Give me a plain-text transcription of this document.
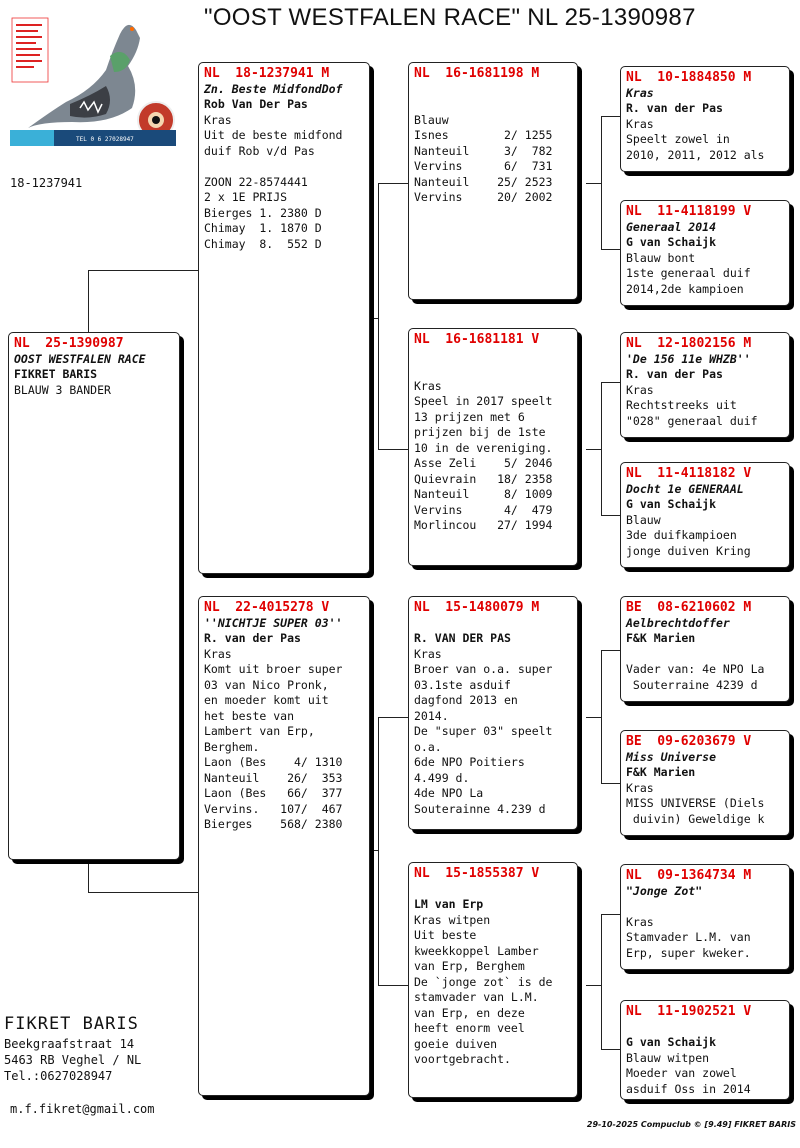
"OOST WESTFALEN RACE" NL 25-1390987
TEL 0 6 27028947
18-1237941
NL  25-1390987
OOST WESTFALEN RACE
FIKRET BARIS
BLAUW 3 BANDER
NL  18-1237941 M
Zn. Beste MidfondDof
Rob Van Der Pas
Kras
Uit de beste midfond
duif Rob v/d Pas
ZOON 22-8574441
2 x 1E PRIJS
Bierges 1. 2380 D
Chimay  1. 1870 D
Chimay  8.  552 D
NL  22-4015278 V
''NICHTJE SUPER 03''
R. van der Pas
Kras
Komt uit broer super
03 van Nico Pronk,
en moeder komt uit
het beste van
Lambert van Erp,
Berghem.
Laon (Bes    4/ 1310
Nanteuil    26/  353
Laon (Bes   66/  377
Vervins.   107/  467
Bierges    568/ 2380
NL  16-1681198 M
Blauw
Isnes        2/ 1255
Nanteuil     3/  782
Vervins      6/  731
Nanteuil    25/ 2523
Vervins     20/ 2002
NL  16-1681181 V
Kras
Speel in 2017 speelt
13 prijzen met 6
prijzen bij de 1ste
10 in de vereniging.
Asse Zeli    5/ 2046
Quievrain   18/ 2358
Nanteuil     8/ 1009
Vervins      4/  479
Morlincou   27/ 1994
NL  15-1480079 M
R. VAN DER PAS
Kras
Broer van o.a. super
03.1ste asduif
dagfond 2013 en
2014.
De "super 03" speelt
o.a.
6de NPO Poitiers
4.499 d.
4de NPO La
Souterainne 4.239 d
NL  15-1855387 V
LM van Erp
Kras witpen
Uit beste
kweekkoppel Lamber
van Erp, Berghem
De `jonge zot` is de
stamvader van L.M.
van Erp, en deze
heeft enorm veel
goeie duiven
voortgebracht.
NL  10-1884850 M
Kras
R. van der Pas
Kras
Speelt zowel in
2010, 2011, 2012 als
NL  11-4118199 V
Generaal 2014
G van Schaijk
Blauw bont
1ste generaal duif
2014,2de kampioen
NL  12-1802156 M
'De 156 11e WHZB''
R. van der Pas
Kras
Rechtstreeks uit
"028" generaal duif
NL  11-4118182 V
Docht 1e GENERAAL
G van Schaijk
Blauw
3de duifkampioen
jonge duiven Kring
BE  08-6210602 M
Aelbrechtdoffer
F&K Marien
Vader van: 4e NPO La
Souterraine 4239 d
BE  09-6203679 V
Miss Universe
F&K Marien
Kras
MISS UNIVERSE (Diels
duivin) Geweldige k
NL  09-1364734 M
"Jonge Zot"
Kras
Stamvader L.M. van
Erp, super kweker.
NL  11-1902521 V
G van Schaijk
Blauw witpen
Moeder van zowel
asduif Oss in 2014
FIKRET BARIS
Beekgraafstraat 14
5463 RB Veghel / NL
Tel.:0627028947
m.f.fikret@gmail.com
29-10-2025 Compuclub © [9.49] FIKRET BARIS
